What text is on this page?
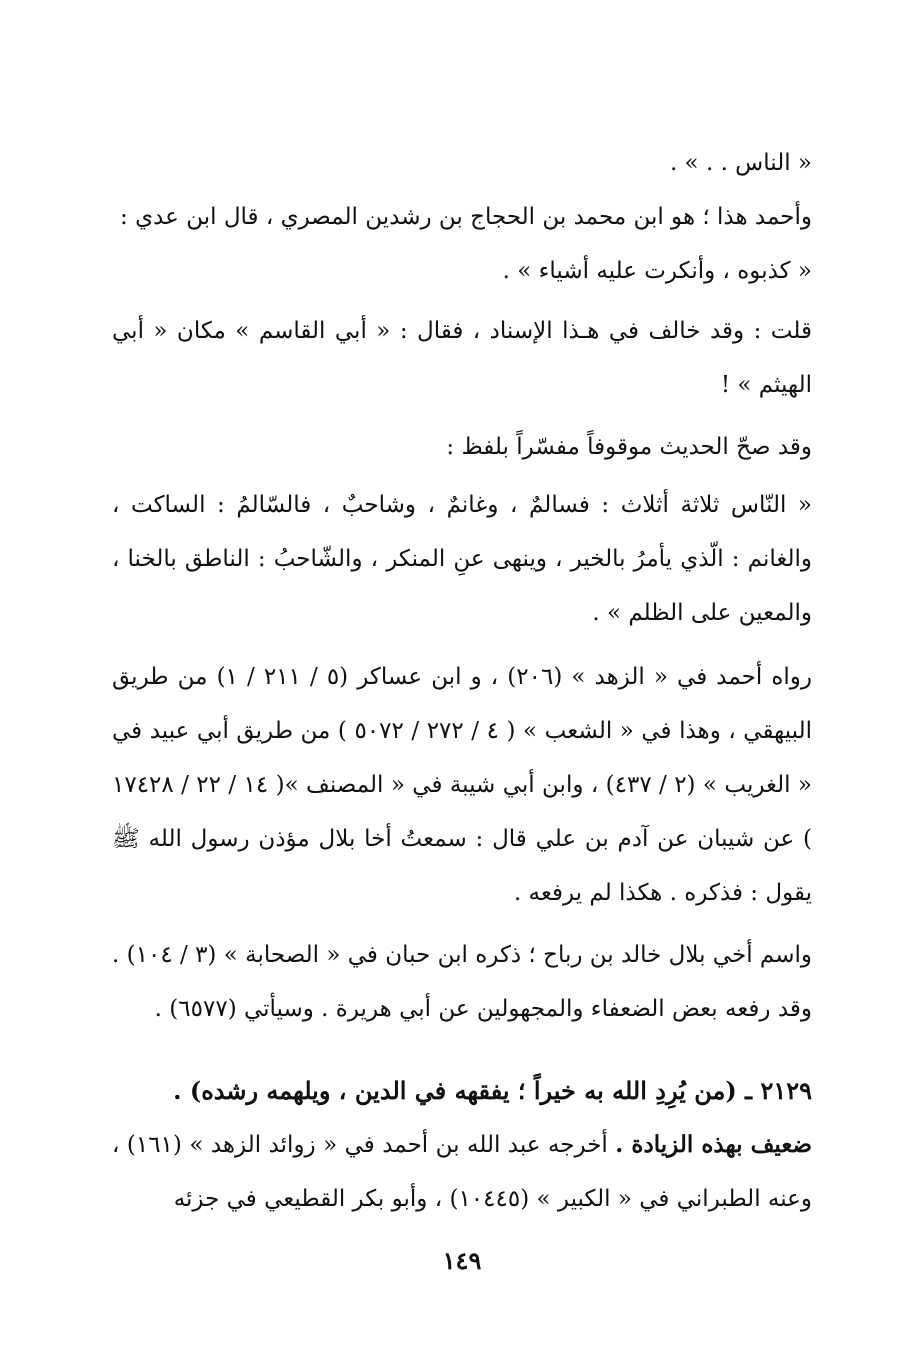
« الناس . . » .

وأحمد هذا ؛ هو ابن محمد بن الحجاج بن رشدين المصري ، قال ابن عدي :

« كذبوه ، وأنكرت عليه أشياء » .

قلت : وقد خالف في هـذا الإسناد ، فقال : « أبي القاسم » مكان « أبي الهيثم » !

وقد صحّ الحديث موقوفاً مفسّراً بلفظ :

« النّاس ثلاثة أثلاث : فسالمٌ ، وغانمٌ ، وشاحبٌ ، فالسّالمُ : الساكت ، والغانم : الّذي يأمرُ بالخير ، وينهى عنِ المنكر ، والشّاحبُ : الناطق بالخنا ، والمعين على الظلم » .

رواه أحمد في « الزهد » (٢٠٦) ، و ابن عساكر (٥ / ٢١١ / ١) من طريق البيهقي ، وهذا في « الشعب » ( ٤ / ٢٧٢ / ٥٠٧٢ ) من طريق أبي عبيد في « الغريب » (٢ / ٤٣٧) ، وابن أبي شيبة في « المصنف »( ١٤ / ٢٢ / ١٧٤٢٨ ) عن شيبان عن آدم بن علي قال : سمعتُ أخا بلال مؤذن رسول الله ﷺ يقول : فذكره . هكذا لم يرفعه .

واسم أخي بلال خالد بن رباح ؛ ذكره ابن حبان في « الصحابة » (٣ / ١٠٤) . وقد رفعه بعض الضعفاء والمجهولين عن أبي هريرة . وسيأتي (٦٥٧٧) .

٢١٢٩ ـ (من يُرِدِ الله به خيراً ؛ يفقهه في الدين ، ويلهمه رشده) .

ضعيف بهذه الزيادة . أخرجه عبد الله بن أحمد في « زوائد الزهد » (١٦١) ، وعنه الطبراني في « الكبير » (١٠٤٤٥) ، وأبو بكر القطيعي في جزئه

١٤٩
